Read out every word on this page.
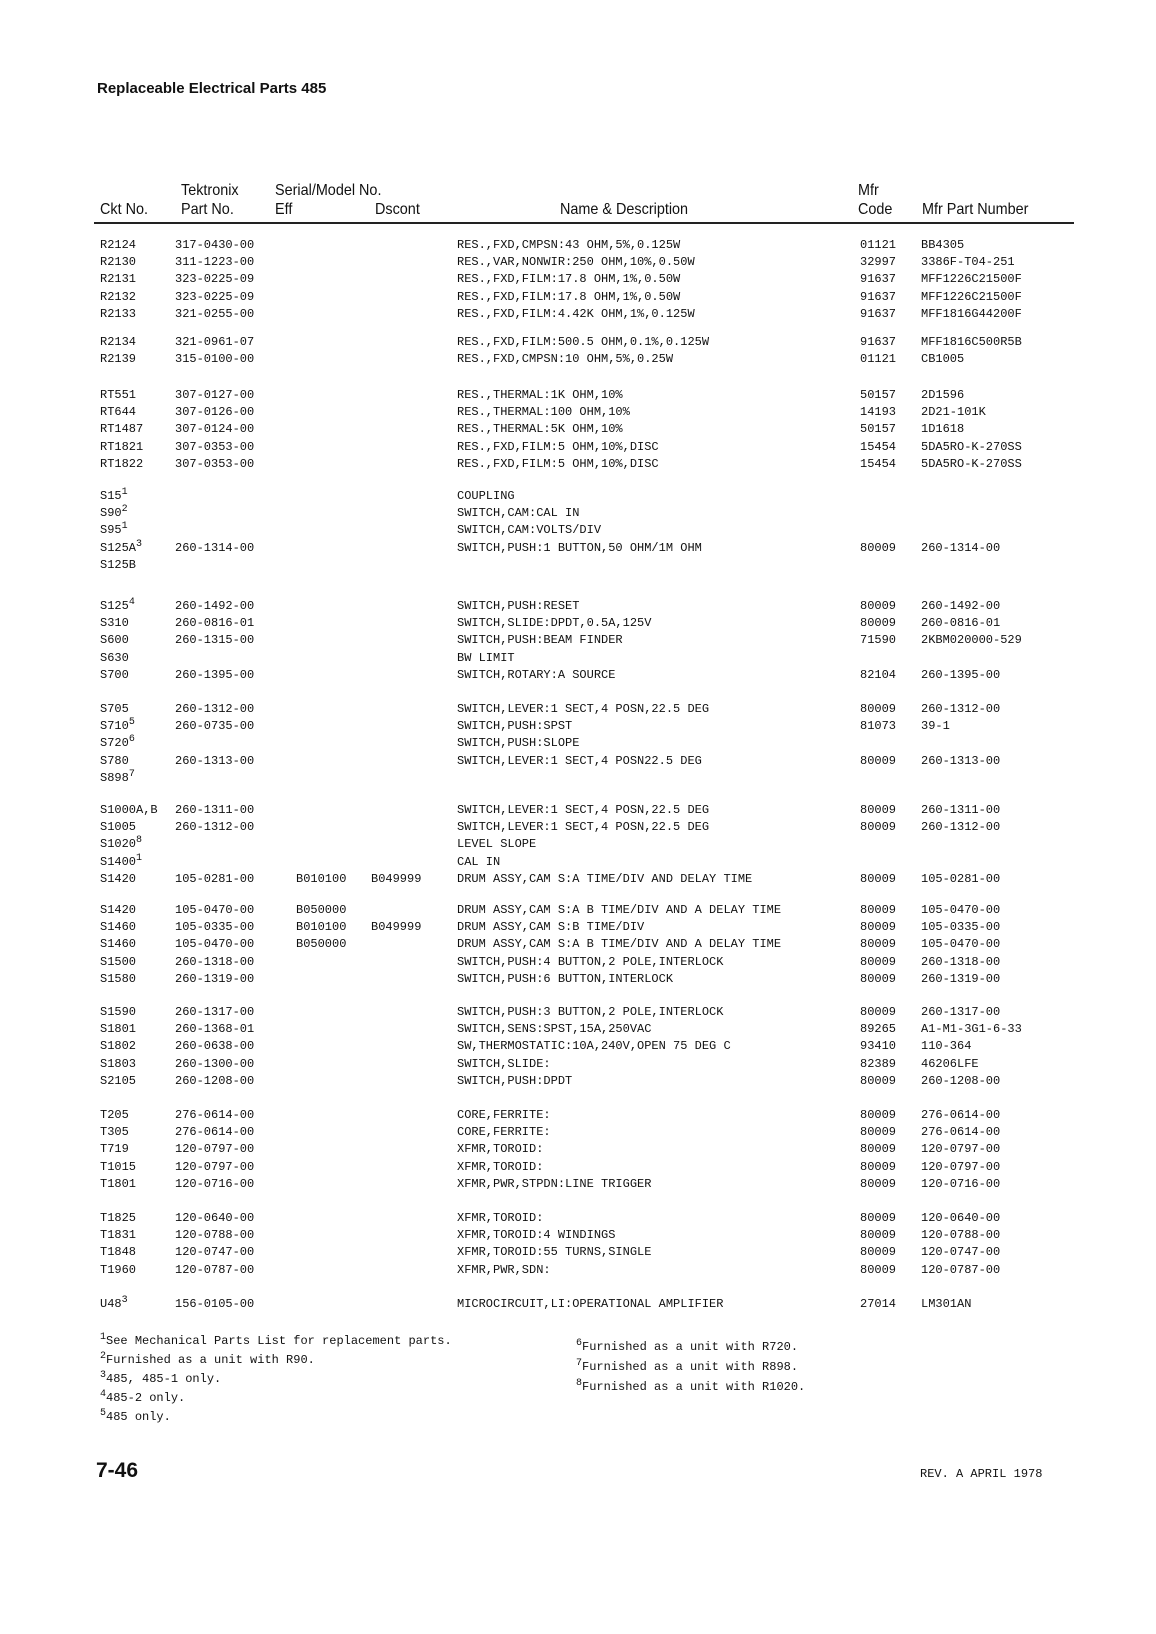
Replaceable Electrical Parts 485
Tektronix Serial/Model No.	Mfr
Ckt No. Part No.	Eff	Dscont	Name & Description	Code Mfr Part Number
R2124	317-0430-00	RES.,FXD,CMPSN:43 OHM,5%,0.125W	01121 BB4305
R2130	311-1223-00	RES.,VAR,NONWIR:250 OHM,10%,0.50W	32997 3386F-T04-251
R2131	323-0225-09	RES.,FXD,FILM:17.8 OHM,1%,0.50W	91637 MFF1226C21500F
R2132	323-0225-09	RES.,FXD,FILM:17.8 OHM,1%,0.50W	91637 MFF1226C21500F
R2133	321-0255-00	RES.,FXD,FILM:4.42K OHM,1%,0.125W	91637 MFF1816G44200F
R2134	321-0961-07	RES.,FXD,FILM:500.5 OHM,0.1%,0.125W	91637 MFF1816C500R5B
R2139	315-0100-00	RES.,FXD,CMPSN:10 OHM,5%,0.25W	01121 CB1005
RT551	307-0127-00	RES.,THERMAL:1K OHM,10%	50157 2D1596
RT644	307-0126-00	RES.,THERMAL:100 OHM,10%	14193 2D21-101K
RT1487	307-0124-00	RES.,THERMAL:5K OHM,10%	50157 1D1618
RT1821	307-0353-00	RES.,FXD,FILM:5 OHM,10%,DISC	15454 5DA5RO-K-270SS
RT1822	307-0353-00	RES.,FXD,FILM:5 OHM,10%,DISC	15454 5DA5RO-K-270SS
$S15^1$	COUPLING
$S90^2$	SWITCH,CAM:CAL IN
$S95^1$	SWITCH,CAM:VOLTS/DIV
$S125A^3$	260-1314-00	SWITCH,PUSH:1 BUTTON,50 OHM/1M OHM	80009 260-1314-00
S125B
$S125^4$	260-1492-00	SWITCH,PUSH:RESET	80009 260-1492-00
S310	260-0816-01	SWITCH,SLIDE:DPDT,0.5A,125V	80009 260-0816-01
S600	260-1315-00	SWITCH,PUSH:BEAM FINDER	71590 2KBM020000-529
S630	BW LIMIT
S700	260-1395-00	SWITCH,ROTARY:A SOURCE	82104 260-1395-00
S705	260-1312-00	SWITCH,LEVER:1 SECT,4 POSN,22.5 DEG	80009 260-1312-00
$S710^5$	260-0735-00	SWITCH,PUSH:SPST	81073 39-1
$S720^6$	SWITCH,PUSH:SLOPE
S780	260-1313-00	SWITCH,LEVER:1 SECT,4 POSN22.5 DEG	80009 260-1313-00
$S898^7$
S1000A,B 260-1311-00	SWITCH,LEVER:1 SECT,4 POSN,22.5 DEG	80009 260-1311-00
S1005	260-1312-00	SWITCH,LEVER:1 SECT,4 POSN,22.5 DEG	80009 260-1312-00
S1020$^8$	LEVEL SLOPE
S1400$^1$	CAL IN
S1420	105-0281-00	B010100 B049999	DRUM ASSY,CAM S:A TIME/DIV AND DELAY TIME	80009 105-0281-00
S1420	105-0470-00	B050000	DRUM ASSY,CAM S:A B TIME/DIV AND A DELAY TIME	80009 105-0470-00
S1460	105-0335-00	B010100 B049999	DRUM ASSY,CAM S:B TIME/DIV	80009 105-0335-00
S1460	105-0470-00	B050000	DRUM ASSY,CAM S:A B TIME/DIV AND A DELAY TIME	80009 105-0470-00
S1500	260-1318-00	SWITCH,PUSH:4 BUTTON,2 POLE,INTERLOCK	80009 260-1318-00
S1580	260-1319-00	SWITCH,PUSH:6 BUTTON,INTERLOCK	80009 260-1319-00
S1590	260-1317-00	SWITCH,PUSH:3 BUTTON,2 POLE,INTERLOCK	80009 260-1317-00
S1801	260-1368-01	SWITCH,SENS:SPST,15A,250VAC	89265 A1-M1-3G1-6-33
S1802	260-0638-00	SW,THERMOSTATIC:10A,240V,OPEN 75 DEG C	93410 110-364
S1803	260-1300-00	SWITCH,SLIDE:	82389 46206LFE
S2105	260-1208-00	SWITCH,PUSH:DPDT	80009 260-1208-00
T205	276-0614-00	CORE,FERRITE:	80009 276-0614-00
T305	276-0614-00	CORE,FERRITE:	80009 276-0614-00
T719	120-0797-00	XFMR,TOROID:	80009 120-0797-00
T1015	120-0797-00	XFMR,TOROID:	80009 120-0797-00
T1801	120-0716-00	XFMR,PWR,STPDN:LINE TRIGGER	80009 120-0716-00
T1825	120-0640-00	XFMR,TOROID:	80009 120-0640-00
T1831	120-0788-00	XFMR,TOROID:4 WINDINGS	80009 120-0788-00
T1848	120-0747-00	XFMR,TOROID:55 TURNS,SINGLE	80009 120-0747-00
T1960	120-0787-00	XFMR,PWR,SDN:	80009 120-0787-00
$U48^3$	156-0105-00	MICROCIRCUIT,LI:OPERATIONAL AMPLIFIER	27014 LM301AN
$^1$See Mechanical Parts List for replacement parts.
$^2$Furnished as a unit with R90.
$^3$485, 485-1 only.
$^4$485-2 only.
$^5$485 only.
$^6$Furnished as a unit with R720.
$^7$Furnished as a unit with R898.
$^8$Furnished as a unit with R1020.
7-46	REV. A APRIL 1978
